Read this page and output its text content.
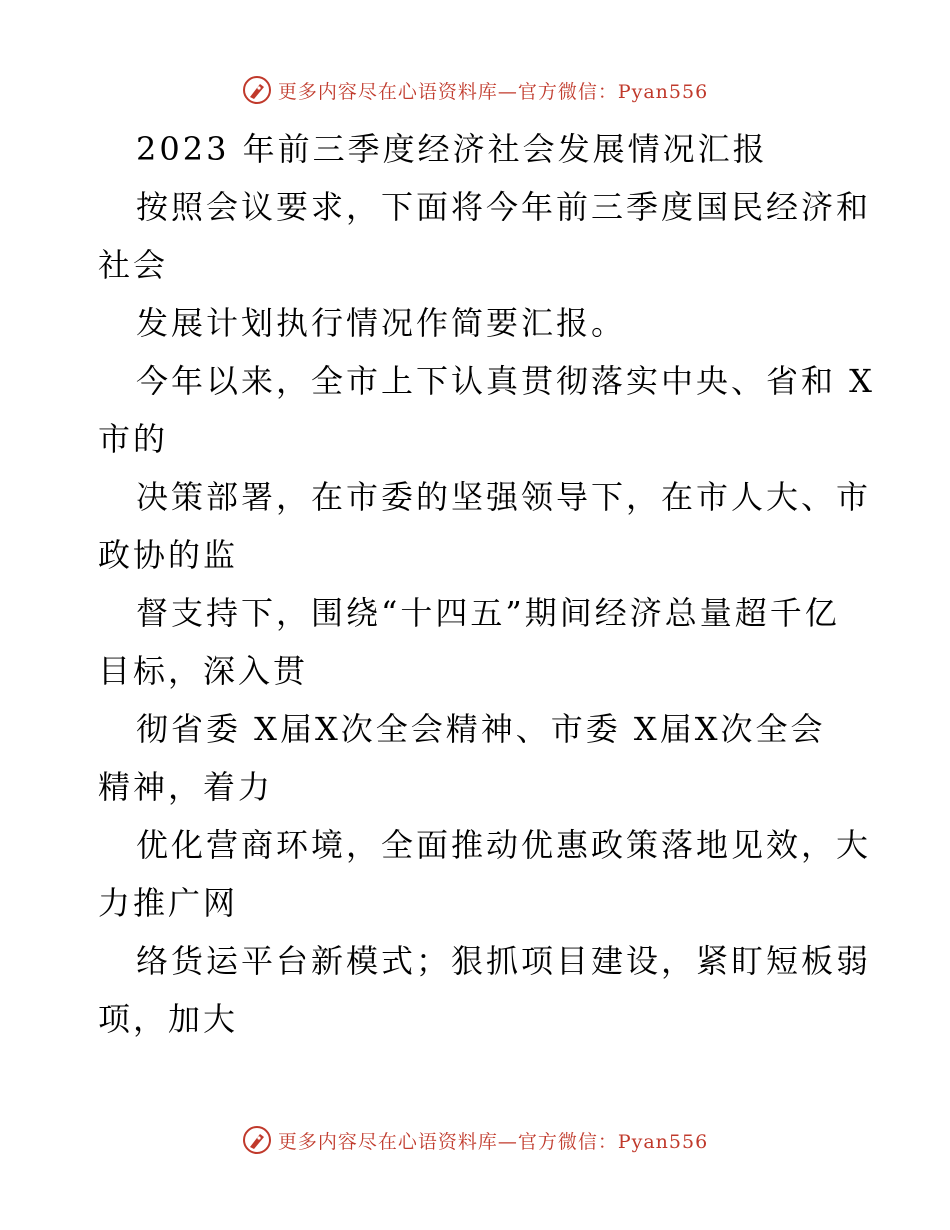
更多内容尽在心语资料库—官方微信：Pyan556
2023 年前三季度经济社会发展情况汇报
按照会议要求，下面将今年前三季度国民经济和
社会
发展计划执行情况作简要汇报。
今年以来，全市上下认真贯彻落实中央、省和 X
市的
决策部署，在市委的坚强领导下，在市人大、市
政协的监
督支持下，围绕“十四五”期间经济总量超千亿
目标，深入贯
彻省委 X届X次全会精神、市委 X届X次全会
精神，着力
优化营商环境，全面推动优惠政策落地见效，大
力推广网
络货运平台新模式；狠抓项目建设，紧盯短板弱
项，加大
更多内容尽在心语资料库—官方微信：Pyan556
